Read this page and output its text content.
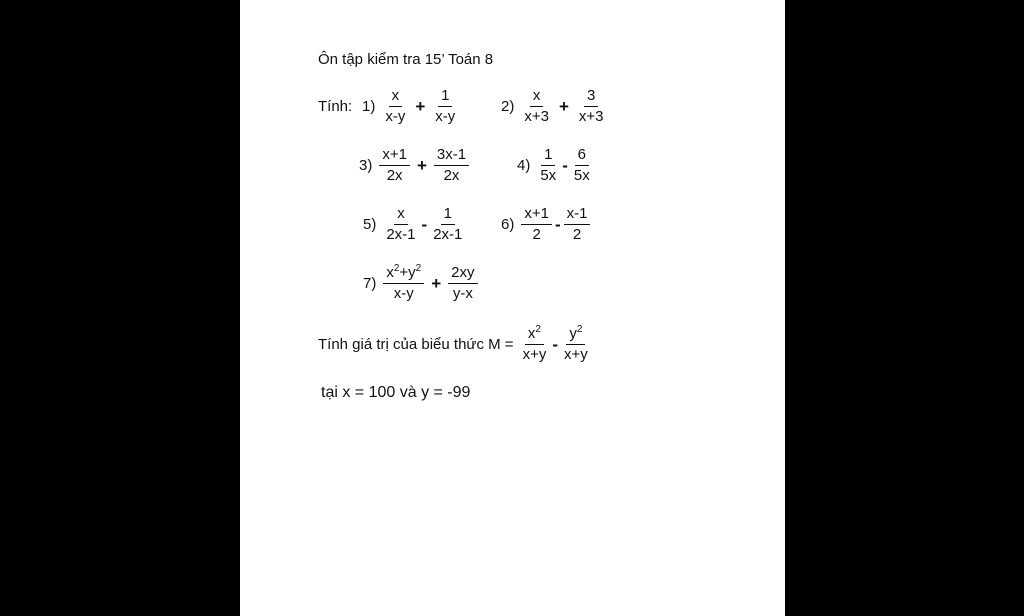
Ôn tập kiểm tra 15’ Toán 8
Tính: $1) \frac{x}{x-y} + \frac{1}{x-y}$	$2) \frac{x}{x+3} + \frac{3}{x+3}$
$3) \frac{x+1}{2x} + \frac{3x-1}{2x}$	$4) \frac{1}{5x} - \frac{6}{5x}$
$5) \frac{x}{2x-1} - \frac{1}{2x-1} 6) \frac{x+1}{2} - \frac{x-1}{2}$
$7) \frac{x^2+y^2}{x-y} + \frac{2xy}{y-x}$
Tính giá trị của biểu thức $M = \frac{x^2}{x+y} - \frac{y^2}{x+y}$
tại x = 100 và y = -99
